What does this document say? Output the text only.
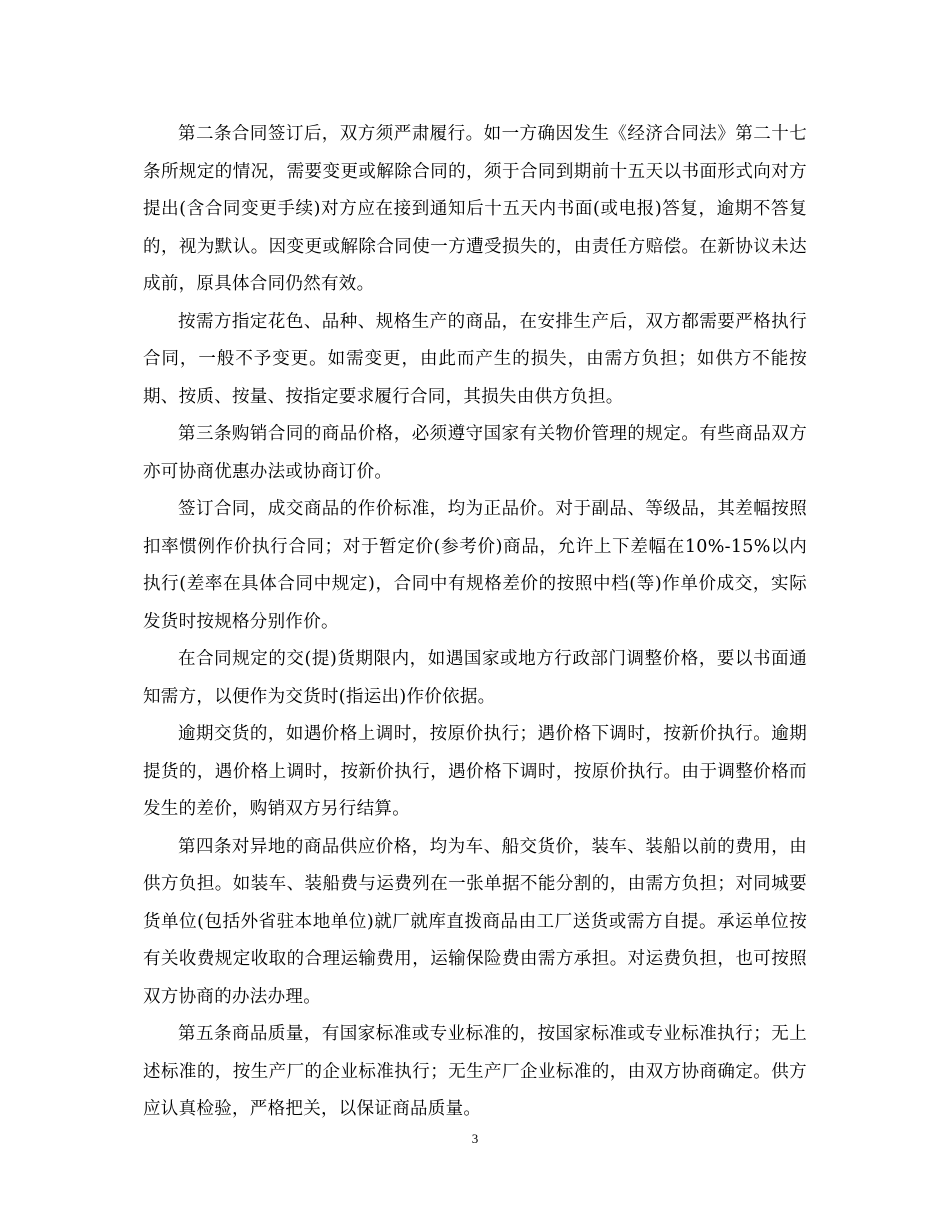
第二条合同签订后，双方须严肃履行。如一方确因发生《经济合同法》第二十七条所规定的情况，需要变更或解除合同的，须于合同到期前十五天以书面形式向对方提出(含合同变更手续)对方应在接到通知后十五天内书面(或电报)答复，逾期不答复的，视为默认。因变更或解除合同使一方遭受损失的，由责任方赔偿。在新协议未达成前，原具体合同仍然有效。

按需方指定花色、品种、规格生产的商品，在安排生产后，双方都需要严格执行合同，一般不予变更。如需变更，由此而产生的损失，由需方负担；如供方不能按期、按质、按量、按指定要求履行合同，其损失由供方负担。

第三条购销合同的商品价格，必须遵守国家有关物价管理的规定。有些商品双方亦可协商优惠办法或协商订价。

签订合同，成交商品的作价标准，均为正品价。对于副品、等级品，其差幅按照扣率惯例作价执行合同；对于暂定价(参考价)商品，允许上下差幅在10%-15%以内执行(差率在具体合同中规定)，合同中有规格差价的按照中档(等)作单价成交，实际发货时按规格分别作价。

在合同规定的交(提)货期限内，如遇国家或地方行政部门调整价格，要以书面通知需方，以便作为交货时(指运出)作价依据。

逾期交货的，如遇价格上调时，按原价执行；遇价格下调时，按新价执行。逾期提货的，遇价格上调时，按新价执行，遇价格下调时，按原价执行。由于调整价格而发生的差价，购销双方另行结算。

第四条对异地的商品供应价格，均为车、船交货价，装车、装船以前的费用，由供方负担。如装车、装船费与运费列在一张单据不能分割的，由需方负担；对同城要货单位(包括外省驻本地单位)就厂就库直拨商品由工厂送货或需方自提。承运单位按有关收费规定收取的合理运输费用，运输保险费由需方承担。对运费负担，也可按照双方协商的办法办理。

第五条商品质量，有国家标准或专业标准的，按国家标准或专业标准执行；无上述标准的，按生产厂的企业标准执行；无生产厂企业标准的，由双方协商确定。供方应认真检验，严格把关，以保证商品质量。

3
